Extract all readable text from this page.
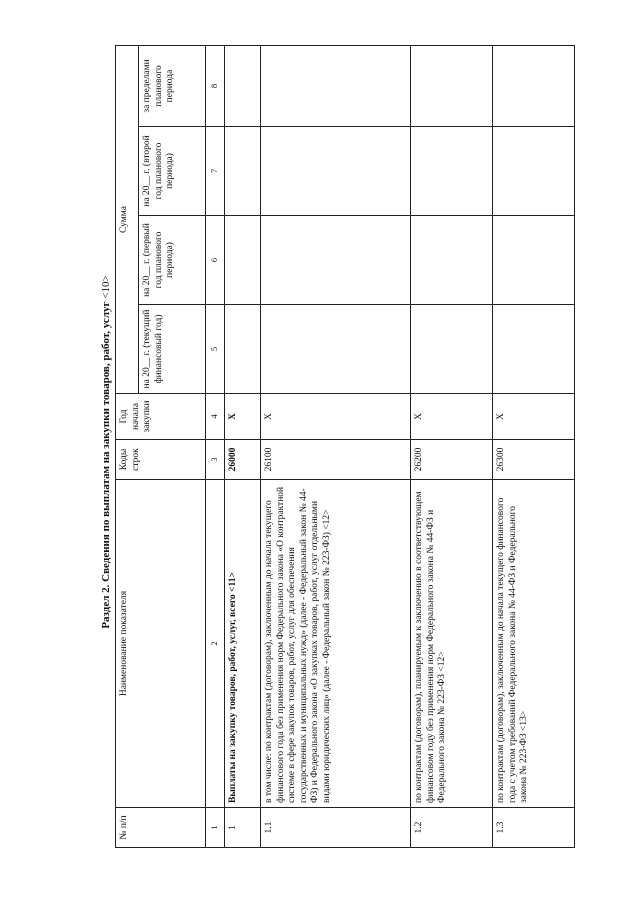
Раздел 2. Сведения по выплатам на закупки товаров, работ, услуг <10>
№ п/п	Наименование показателя	Коды строк	Год начала закупки	Сумма			
				на 20__ г. (текущий финансовый год)	на 20__ г. (первый год планового периода)	на 20__ г. (второй год планового периода)	за пределами планового периода
1	2	3	4	5	6	7	8
1	Выплаты на закупку товаров, работ, услуг, всего <11>	26000	X				
1.1	в том числе: по контрактам (договорам), заключенным до начала текущего финансового года без применения норм Федерального закона «О контрактной системе в сфере закупок товаров, работ, услуг для обеспечения государственных и муниципальных нужд» (далее - Федеральный закон № 44-ФЗ) и Федерального закона «О закупках товаров, работ, услуг отдельными видами юридических лиц» (далее - Федеральный закон № 223-ФЗ) <12>	26100	X				
1.2	по контрактам (договорам), планируемым к заключению в соответствующем финансовом году без применения норм Федерального закона № 44-ФЗ и Федерального закона № 223-ФЗ <12>	26200	X				
1.3	по контрактам (договорам), заключенным до начала текущего финансового года с учетом требований Федерального закона № 44-ФЗ и Федерального закона № 223-ФЗ <13>	26300	X				
